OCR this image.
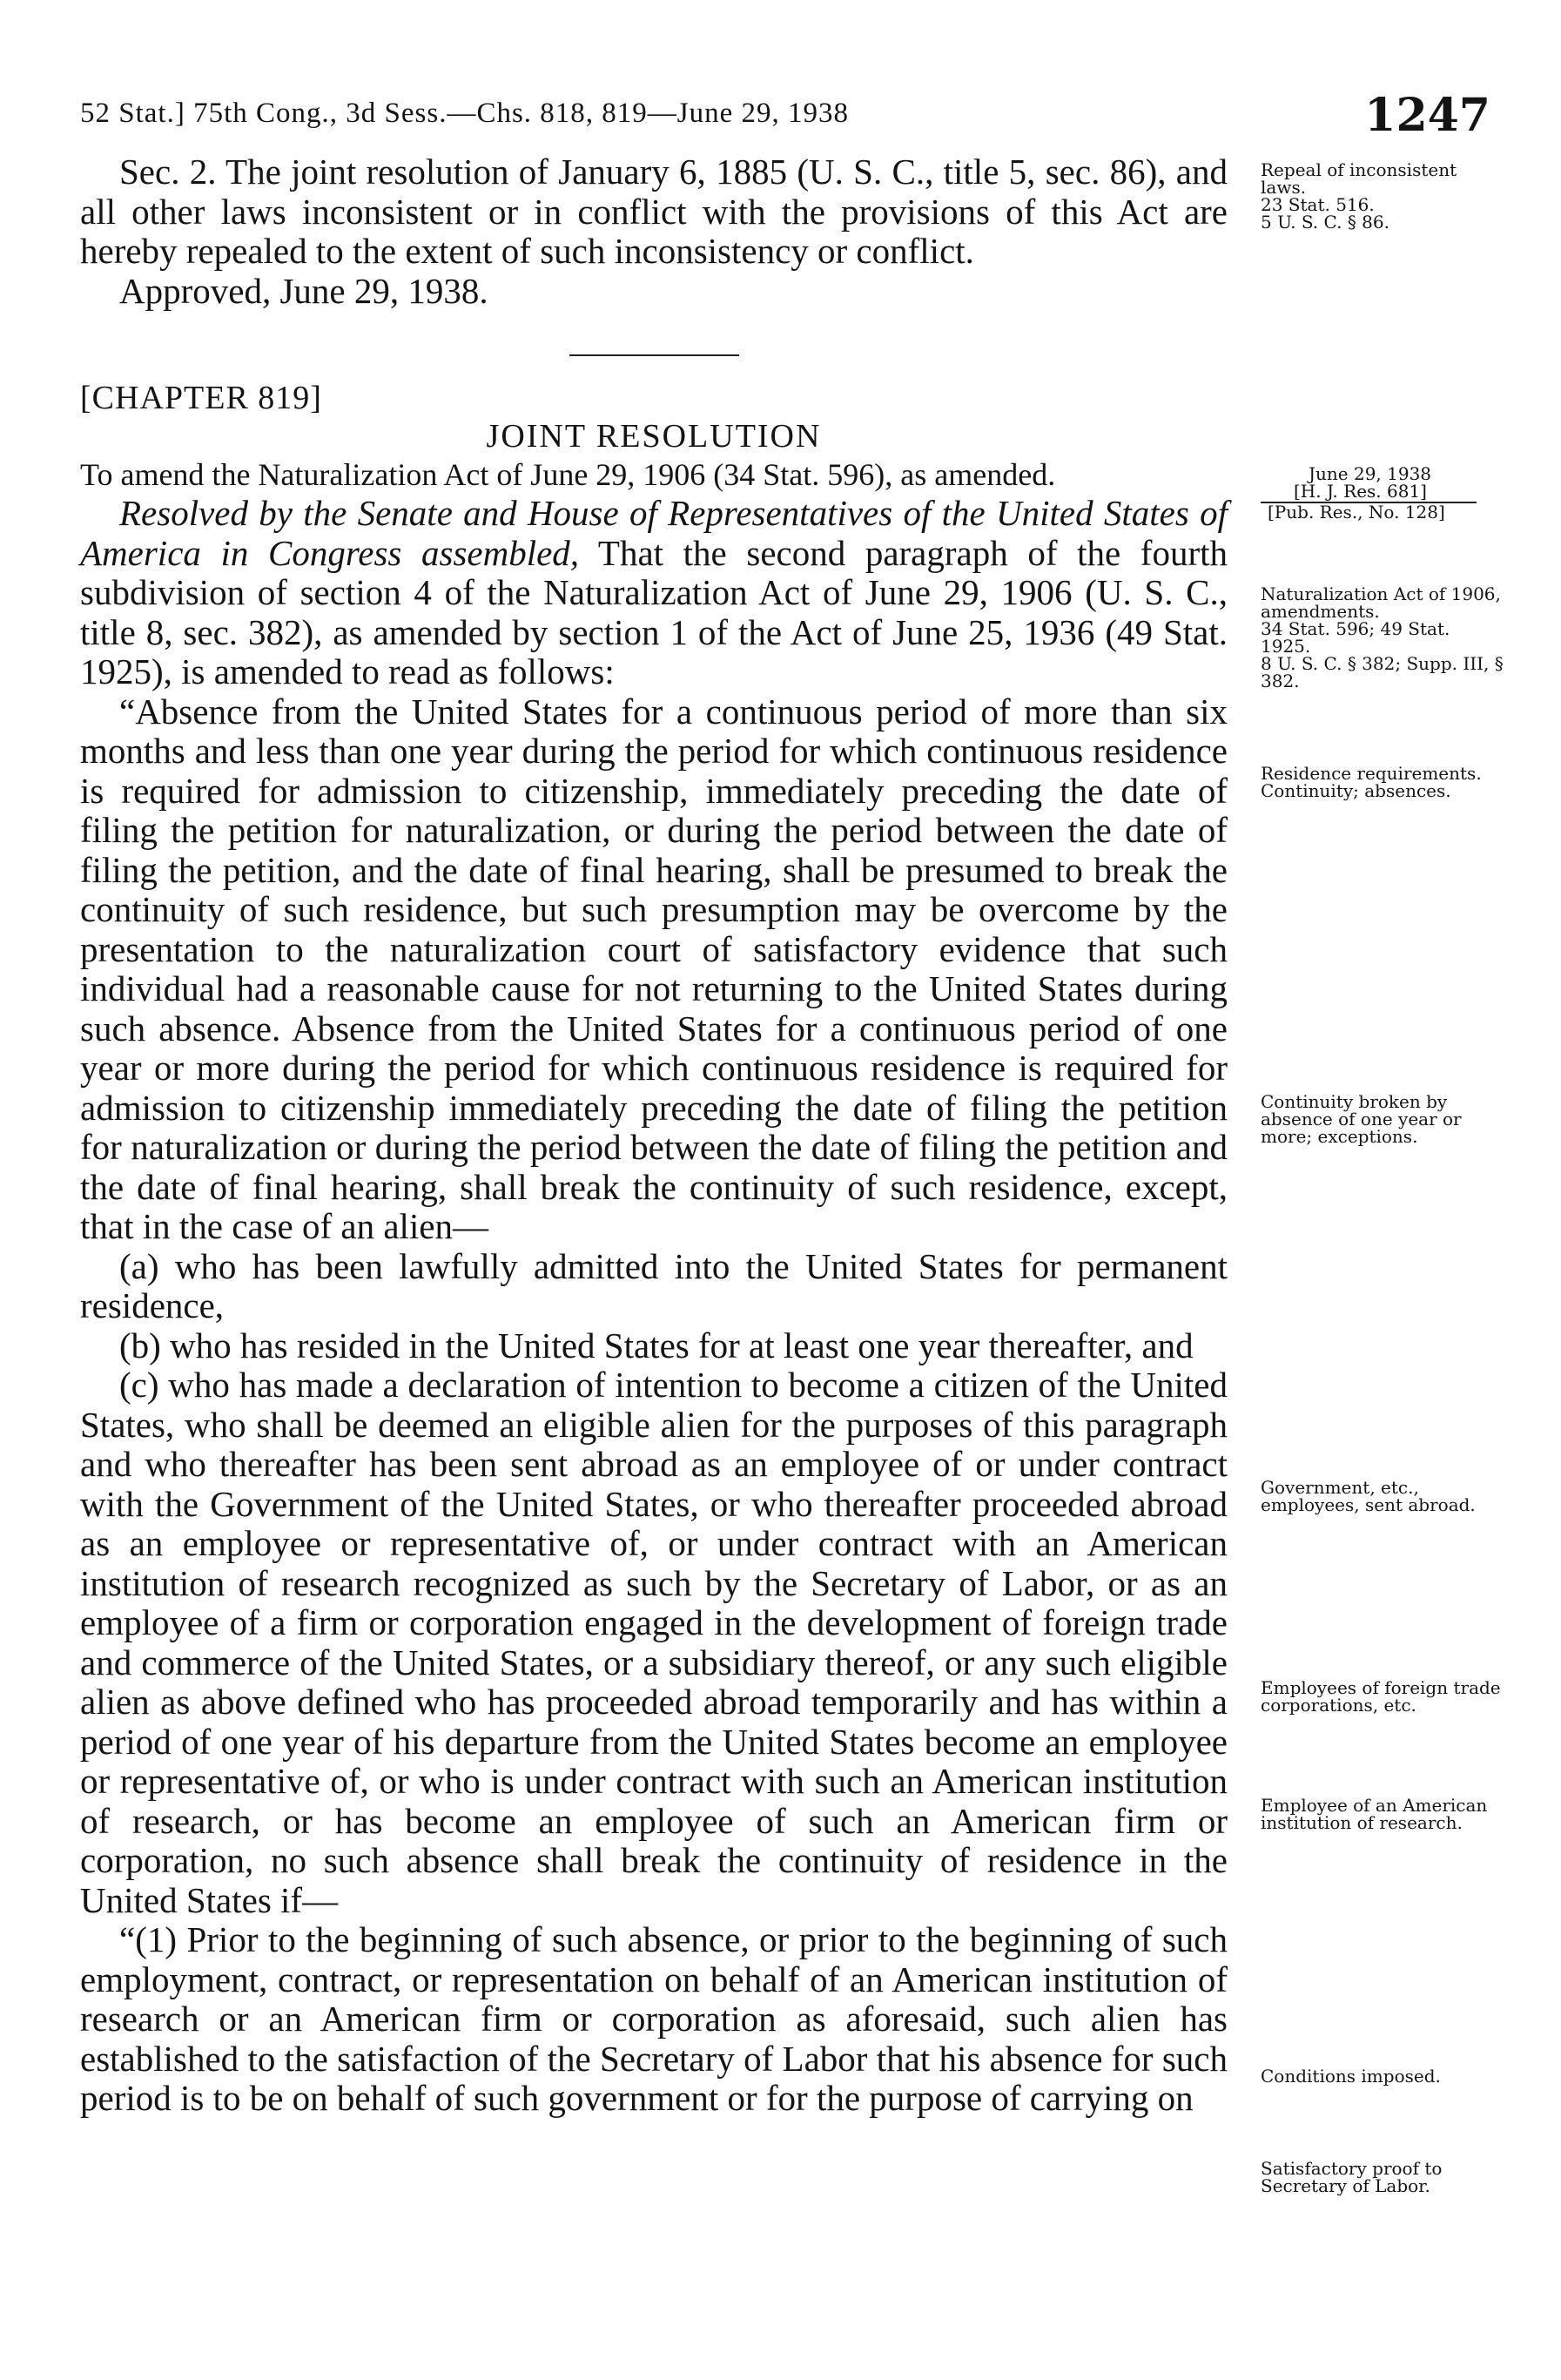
52 Stat.] 75th Cong., 3d Sess.—Chs. 818, 819—June 29, 1938	1247

Sec. 2. The joint resolution of January 6, 1885 (U. S. C., title 5, sec. 86), and all other laws inconsistent or in conflict with the provisions of this Act are hereby repealed to the extent of such inconsistency or conflict.

Approved, June 29, 1938.

[CHAPTER 819]

JOINT RESOLUTION

To amend the Naturalization Act of June 29, 1906 (34 Stat. 596), as amended.

Resolved by the Senate and House of Representatives of the United States of America in Congress assembled, That the second paragraph of the fourth subdivision of section 4 of the Naturalization Act of June 29, 1906 (U. S. C., title 8, sec. 382), as amended by section 1 of the Act of June 25, 1936 (49 Stat. 1925), is amended to read as follows:

“Absence from the United States for a continuous period of more than six months and less than one year during the period for which continuous residence is required for admission to citizenship, immediately preceding the date of filing the petition for naturalization, or during the period between the date of filing the petition, and the date of final hearing, shall be presumed to break the continuity of such residence, but such presumption may be overcome by the presentation to the naturalization court of satisfactory evidence that such individual had a reasonable cause for not returning to the United States during such absence. Absence from the United States for a continuous period of one year or more during the period for which continuous residence is required for admission to citizenship immediately preceding the date of filing the petition for naturalization or during the period between the date of filing the petition and the date of final hearing, shall break the continuity of such residence, except, that in the case of an alien—

(a) who has been lawfully admitted into the United States for permanent residence,

(b) who has resided in the United States for at least one year thereafter, and

(c) who has made a declaration of intention to become a citizen of the United States, who shall be deemed an eligible alien for the purposes of this paragraph and who thereafter has been sent abroad as an employee of or under contract with the Government of the United States, or who thereafter proceeded abroad as an employee or representative of, or under contract with an American institution of research recognized as such by the Secretary of Labor, or as an employee of a firm or corporation engaged in the development of foreign trade and commerce of the United States, or a subsidiary thereof, or any such eligible alien as above defined who has proceeded abroad temporarily and has within a period of one year of his departure from the United States become an employee or representative of, or who is under contract with such an American institution of research, or has become an employee of such an American firm or corporation, no such absence shall break the continuity of residence in the United States if—

“(1) Prior to the beginning of such absence, or prior to the beginning of such employment, contract, or representation on behalf of an American institution of research or an American firm or corporation as aforesaid, such alien has established to the satisfaction of the Secretary of Labor that his absence for such period is to be on behalf of such government or for the purpose of carrying on

Repeal of inconsistent laws.
23 Stat. 516.
5 U. S. C. § 86.
June 29, 1938
[H. J. Res. 681]
[Pub. Res., No. 128]
Naturalization Act of 1906, amendments.
34 Stat. 596; 49 Stat. 1925.
8 U. S. C. § 382; Supp. III, § 382.
Residence requirements.
Continuity; absences.
Continuity broken by absence of one year or more; exceptions.
Government, etc., employees, sent abroad.
Employees of foreign trade corporations, etc.
Employee of an American institution of research.
Conditions imposed.
Satisfactory proof to Secretary of Labor.
